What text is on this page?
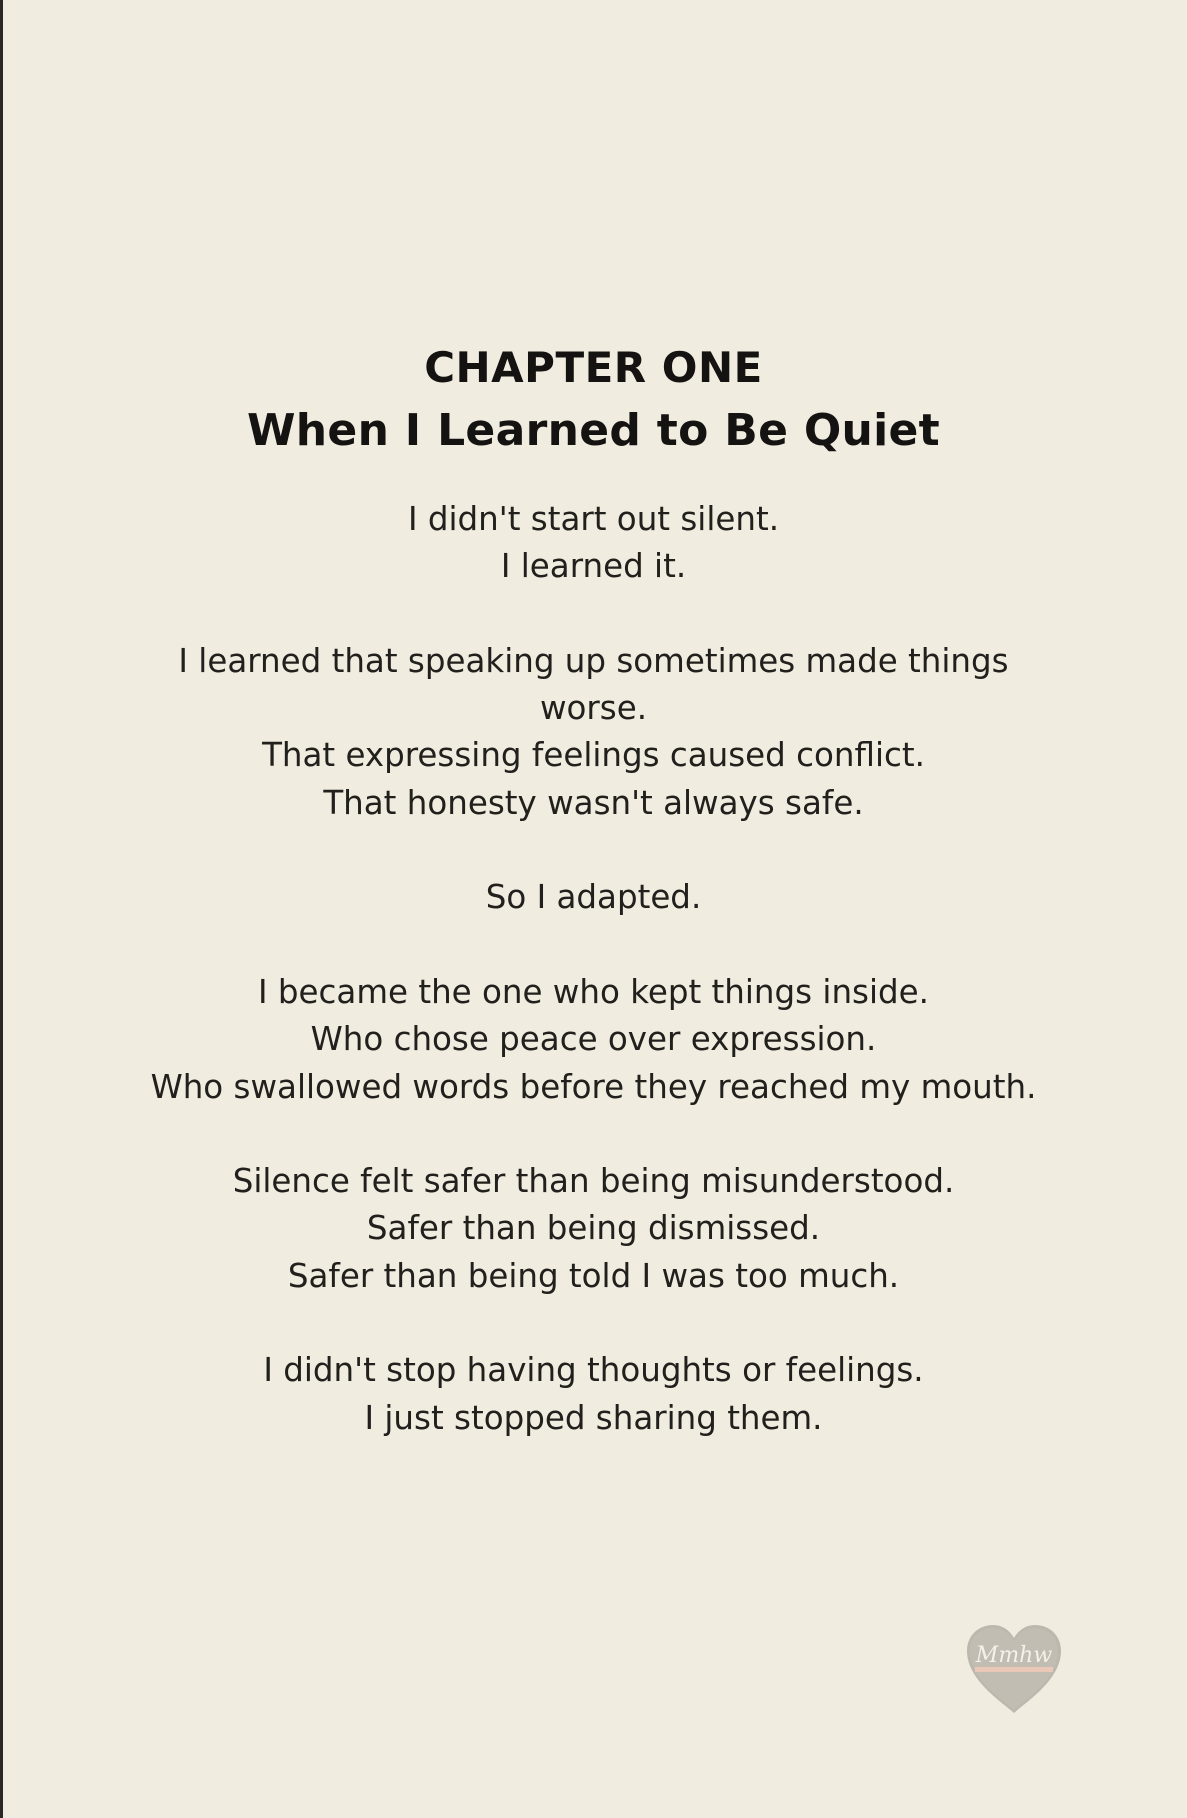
CHAPTER ONE
When I Learned to Be Quiet
I didn't start out silent.
I learned it.
I learned that speaking up sometimes made things worse.
That expressing feelings caused conflict.
That honesty wasn't always safe.
So I adapted.
I became the one who kept things inside.
Who chose peace over expression.
Who swallowed words before they reached my mouth.
Silence felt safer than being misunderstood.
Safer than being dismissed.
Safer than being told I was too much.
I didn't stop having thoughts or feelings.
I just stopped sharing them.
Mmhw
